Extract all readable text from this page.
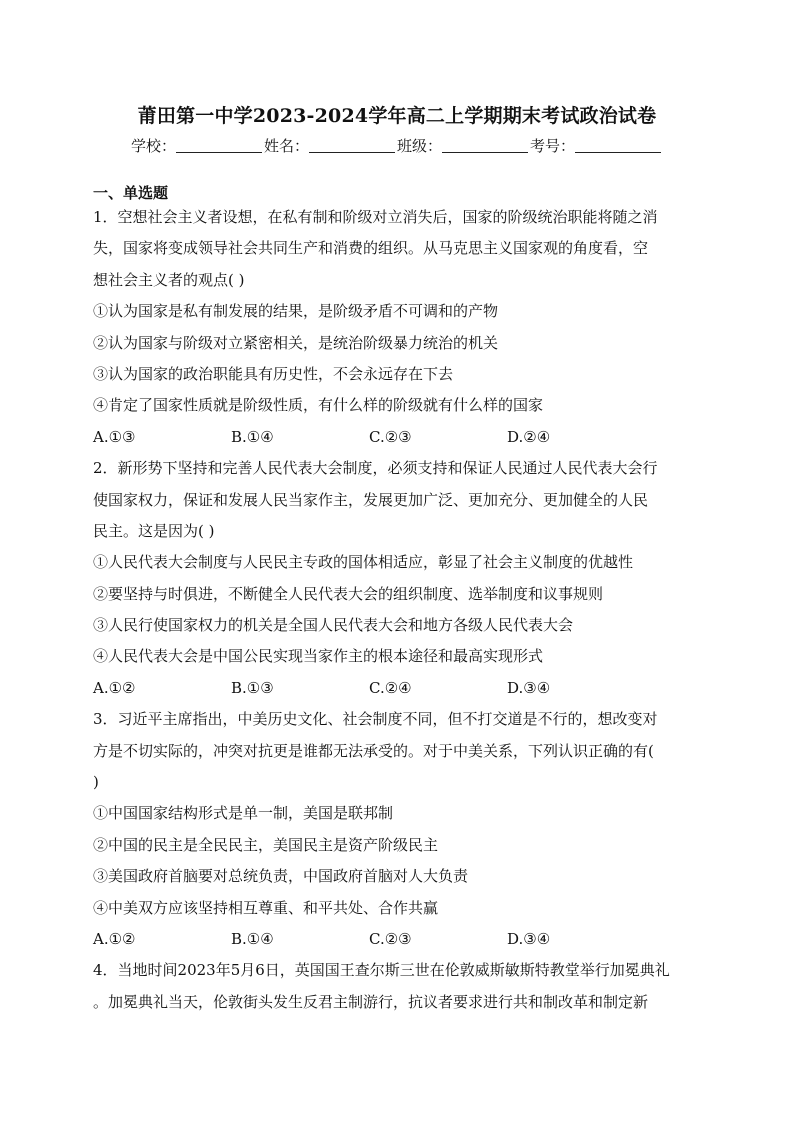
莆田第一中学2023-2024学年高二上学期期末考试政治试卷
学校：	姓名：	班级：	考号：
一、单选题
1．空想社会主义者设想，在私有制和阶级对立消失后，国家的阶级统治职能将随之消
失，国家将变成领导社会共同生产和消费的组织。从马克思主义国家观的角度看，空
想社会主义者的观点( )
①认为国家是私有制发展的结果，是阶级矛盾不可调和的产物
②认为国家与阶级对立紧密相关，是统治阶级暴力统治的机关
③认为国家的政治职能具有历史性，不会永远存在下去
④肯定了国家性质就是阶级性质，有什么样的阶级就有什么样的国家
A.①③	B.①④	C.②③	D.②④
2．新形势下坚持和完善人民代表大会制度，必须支持和保证人民通过人民代表大会行
使国家权力，保证和发展人民当家作主，发展更加广泛、更加充分、更加健全的人民
民主。这是因为( )
①人民代表大会制度与人民民主专政的国体相适应，彰显了社会主义制度的优越性
②要坚持与时俱进，不断健全人民代表大会的组织制度、选举制度和议事规则
③人民行使国家权力的机关是全国人民代表大会和地方各级人民代表大会
④人民代表大会是中国公民实现当家作主的根本途径和最高实现形式
A.①②	B.①③	C.②④	D.③④
3．习近平主席指出，中美历史文化、社会制度不同，但不打交道是不行的，想改变对
方是不切实际的，冲突对抗更是谁都无法承受的。对于中美关系，下列认识正确的有(
)
①中国国家结构形式是单一制，美国是联邦制
②中国的民主是全民民主，美国民主是资产阶级民主
③美国政府首脑要对总统负责，中国政府首脑对人大负责
④中美双方应该坚持相互尊重、和平共处、合作共赢
A.①②	B.①④	C.②③	D.③④
4．当地时间2023年5月6日，英国国王查尔斯三世在伦敦威斯敏斯特教堂举行加冕典礼
。加冕典礼当天，伦敦街头发生反君主制游行，抗议者要求进行共和制改革和制定新
